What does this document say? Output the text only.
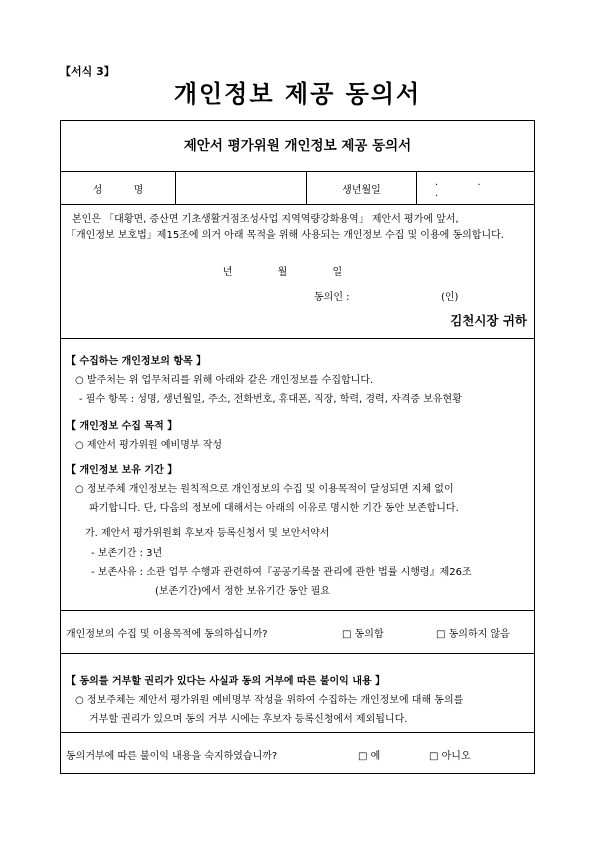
【서식 3】
개인정보 제공 동의서
제안서 평가위원 개인정보 제공 동의서
성 명	생년월일
. . .

본인은 「대황면, 증산면 기초생활거점조성사업 지역역량강화용역」 제안서 평가에 앞서,

「개인정보 보호법」제15조에 의거 아래 목적을 위해 사용되는 개인정보 수집 및 이용에 동의합니다.

년	월	일
동의인 :	(인)
김천시장 귀하
【 수집하는 개인정보의 항목 】
○ 발주처는 위 업무처리를 위해 아래와 같은 개인정보를 수집합니다.
- 필수 항목 : 성명, 생년월일, 주소, 전화번호, 휴대폰, 직장, 학력, 경력, 자격증 보유현황
【 개인정보 수집 목적 】
○ 제안서 평가위원 예비명부 작성
【 개인정보 보유 기간 】
○ 정보주체 개인정보는 원칙적으로 개인정보의 수집 및 이용목적이 달성되면 지체 없이
파기합니다. 단, 다음의 정보에 대해서는 아래의 이유로 명시한 기간 동안 보존합니다.
가. 제안서 평가위원회 후보자 등록신청서 및 보안서약서
- 보존기간 : 3년
- 보존사유 : 소관 업무 수행과 관련하여『공공기록물 관리에 관한 법률 시행령』제26조
(보존기간)에서 정한 보유기간 동안 필요
개인정보의 수집 및 이용목적에 동의하십니까?	□ 동의함	□ 동의하지 않음
【 동의를 거부할 권리가 있다는 사실과 동의 거부에 따른 불이익 내용 】
○ 정보주체는 제안서 평가위원 예비명부 작성을 위하여 수집하는 개인정보에 대해 동의를
거부할 권리가 있으며 동의 거부 시에는 후보자 등록신청에서 제외됩니다.
동의거부에 따른 불이익 내용을 숙지하였습니까?	□ 예	□ 아니오
